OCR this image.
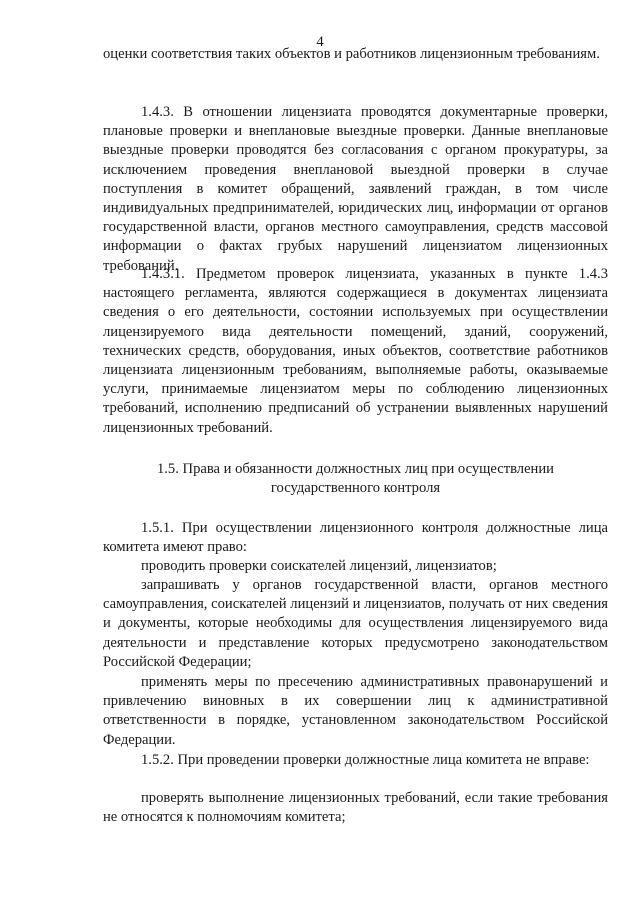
4

оценки соответствия таких объектов и работников лицензионным требованиям.

1.4.3. В отношении лицензиата проводятся документарные проверки, плановые проверки и внеплановые выездные проверки. Данные внеплановые выездные проверки проводятся без согласования с органом прокуратуры, за исключением проведения внеплановой выездной проверки в случае поступления в комитет обращений, заявлений граждан, в том числе индивидуальных предпринимателей, юридических лиц, информации от органов государственной власти, органов местного самоуправления, средств массовой информации о фактах грубых нарушений лицензиатом лицензионных требований.

1.4.3.1. Предметом проверок лицензиата, указанных в пункте 1.4.3 настоящего регламента, являются содержащиеся в документах лицензиата сведения о его деятельности, состоянии используемых при осуществлении лицензируемого вида деятельности помещений, зданий, сооружений, технических средств, оборудования, иных объектов, соответствие работников лицензиата лицензионным требованиям, выполняемые работы, оказываемые услуги, принимаемые лицензиатом меры по соблюдению лицензионных требований, исполнению предписаний об устранении выявленных нарушений лицензионных требований.

1.5. Права и обязанности должностных лиц при осуществлении
государственного контроля

1.5.1. При осуществлении лицензионного контроля должностные лица комитета имеют право:

проводить проверки соискателей лицензий, лицензиатов;

запрашивать у органов государственной власти, органов местного самоуправления, соискателей лицензий и лицензиатов, получать от них сведения и документы, которые необходимы для осуществления лицензируемого вида деятельности и представление которых предусмотрено законодательством Российской Федерации;

применять меры по пресечению административных правонарушений и привлечению виновных в их совершении лиц к административной ответственности в порядке, установленном законодательством Российской Федерации.

1.5.2. При проведении проверки должностные лица комитета не вправе:

проверять выполнение лицензионных требований, если такие требования не относятся к полномочиям комитета;
